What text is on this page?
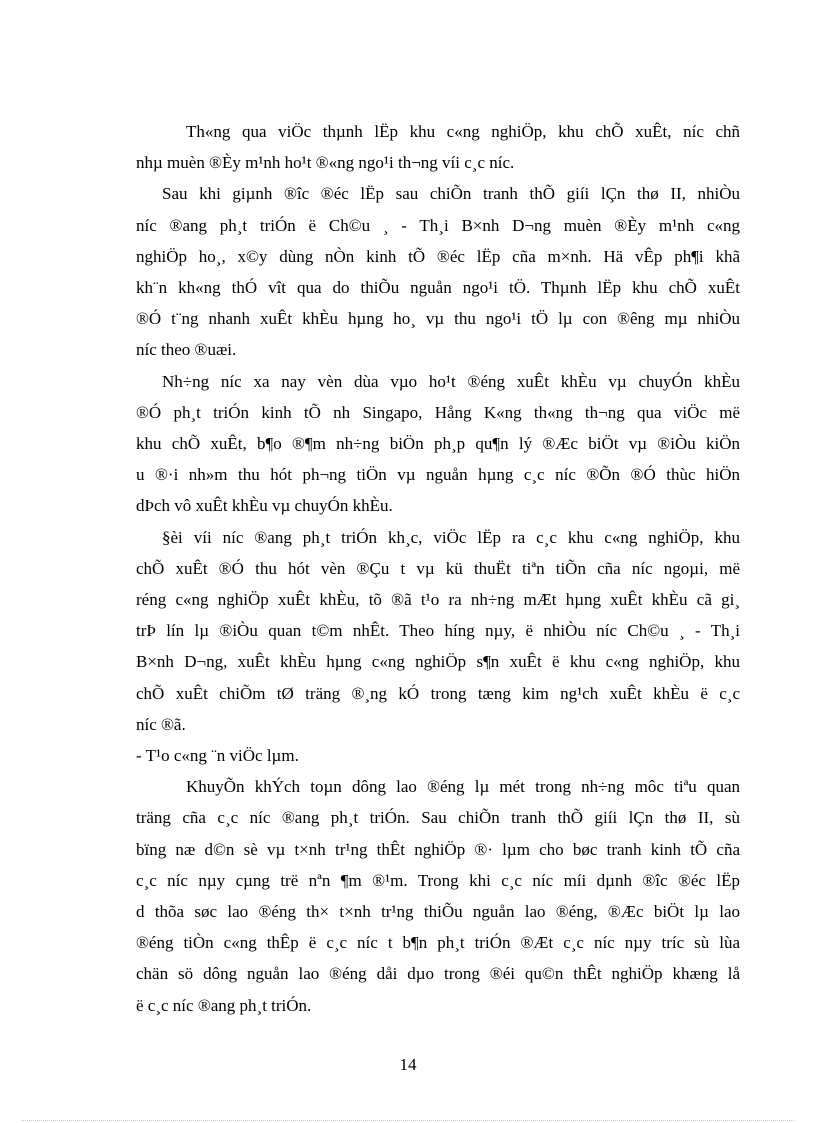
Th«ng qua viÖc thµnh lËp khu c«ng nghiÖp, khu chÕ xuÊt, níc chñ
nhµ muèn ®Èy m¹nh ho¹t ®«ng ngo¹i th¬ng víi c¸c níc.

Sau khi giµnh ®îc ®éc lËp sau chiÕn tranh thÕ giíi lÇn thø II, nhiÒu
níc ®ang ph¸t triÓn ë Ch©u ¸ - Th¸i B×nh D¬ng muèn ®Èy m¹nh c«ng
nghiÖp ho¸, x©y dùng nÒn kinh tÕ ®éc lËp cña m×nh. Hä vÊp ph¶i khã
kh¨n kh«ng thÓ vît qua do thiÕu nguån ngo¹i tÖ. Thµnh lËp khu chÕ xuÊt
®Ó t¨ng nhanh xuÊt khÈu hµng ho¸ vµ thu ngo¹i tÖ lµ con ®êng mµ nhiÒu
níc theo ®uæi.

Nh÷ng níc xa nay vèn dùa vµo ho¹t ®éng xuÊt khÈu vµ chuyÓn khÈu
®Ó ph¸t triÓn kinh tÕ nh Singapo, Hång K«ng th«ng th¬ng qua viÖc më
khu chÕ xuÊt, b¶o ®¶m nh÷ng biÖn ph¸p qu¶n lý ®Æc biÖt vµ ®iÒu kiÖn
u ®·i nh»m thu hót ph¬ng tiÖn vµ nguån hµng c¸c níc ®Õn ®Ó thùc hiÖn
dÞch vô xuÊt khÈu vµ chuyÓn khÈu.

§èi víi níc ®ang ph¸t triÓn kh¸c, viÖc lËp ra c¸c khu c«ng nghiÖp, khu
chÕ xuÊt ®Ó thu hót vèn ®Çu t vµ kü thuËt tiªn tiÕn cña níc ngoµi, më
réng c«ng nghiÖp xuÊt khÈu, tõ ®ã t¹o ra nh÷ng mÆt hµng xuÊt khÈu cã gi¸
trÞ lín lµ ®iÒu quan t©m nhÊt. Theo híng nµy, ë nhiÒu níc Ch©u ¸ - Th¸i
B×nh D¬ng, xuÊt khÈu hµng c«ng nghiÖp s¶n xuÊt ë khu c«ng nghiÖp, khu
chÕ xuÊt chiÕm tØ träng ®¸ng kÓ trong tæng kim ng¹ch xuÊt khÈu ë c¸c
níc ®ã.

- T¹o c«ng ¨n viÖc lµm.

KhuyÕn khÝch toµn dông lao ®éng lµ mét trong nh÷ng môc tiªu quan
träng cña c¸c níc ®ang ph¸t triÓn. Sau chiÕn tranh thÕ giíi lÇn thø II, sù
bïng næ d©n sè vµ t×nh tr¹ng thÊt nghiÖp ®· lµm cho bøc tranh kinh tÕ cña
c¸c níc nµy cµng trë nªn ¶m ®¹m. Trong khi c¸c níc míi dµnh ®îc ®éc lËp
d thõa søc lao ®éng th× t×nh tr¹ng thiÕu nguån lao ®éng, ®Æc biÖt lµ lao
®éng tiÒn c«ng thÊp ë c¸c níc t b¶n ph¸t triÓn ®Æt c¸c níc nµy tríc sù lùa
chän sö dông nguån lao ®éng dåi dµo trong ®éi qu©n thÊt nghiÖp khæng lå
ë c¸c níc ®ang ph¸t triÓn.

14
